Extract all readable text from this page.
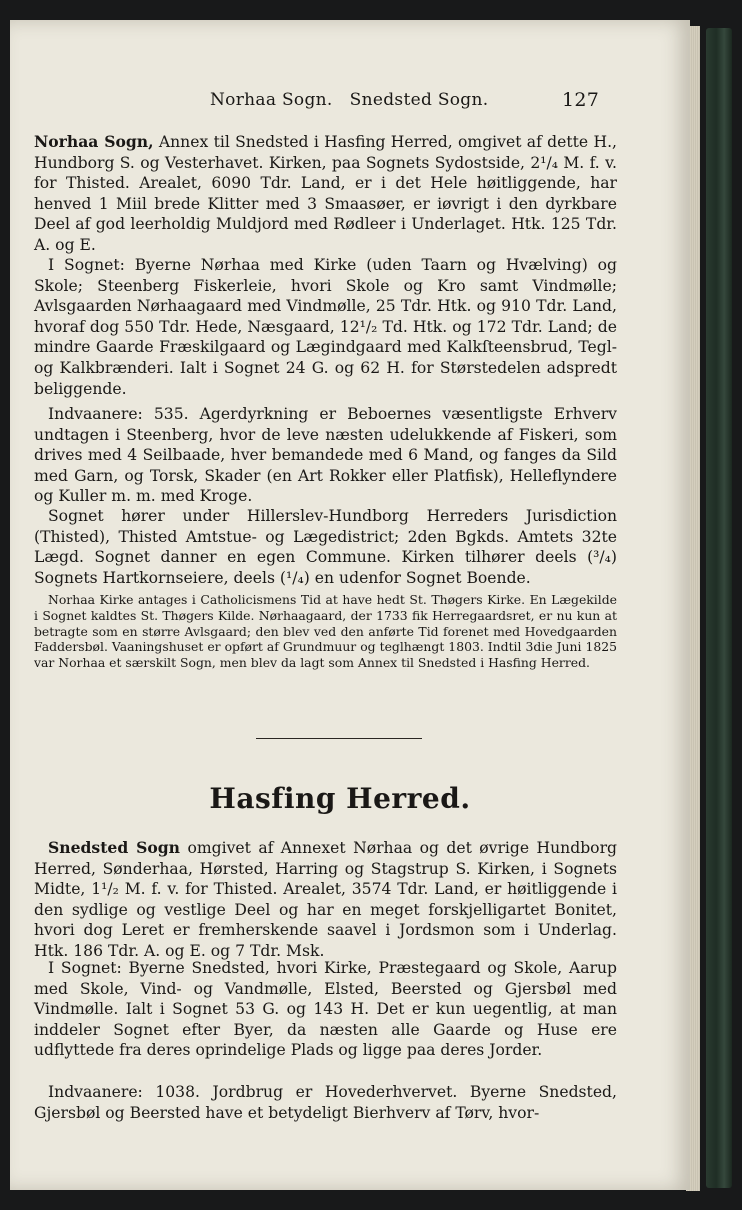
Norhaa Sogn.   Snedsted Sogn.	127
Norhaa Sogn, Annex til Snedsted i Hasfing Herred, omgivet af dette H., Hundborg S. og Vesterhavet. Kirken, paa Sognets Sydostside, 2¹/₄ M. f. v. for Thisted. Arealet, 6090 Tdr. Land, er i det Hele høitliggende, har henved 1 Miil brede Klitter med 3 Smaasøer, er iøvrigt i den dyrkbare Deel af god leerholdig Muldjord med Rødleer i Underlaget. Htk. 125 Tdr. A. og E.
I Sognet: Byerne Nørhaa med Kirke (uden Taarn og Hvælving) og Skole; Steenberg Fiskerleie, hvori Skole og Kro samt Vindmølle; Avlsgaarden Nørhaagaard med Vindmølle, 25 Tdr. Htk. og 910 Tdr. Land, hvoraf dog 550 Tdr. Hede, Næsgaard, 12¹/₂ Td. Htk. og 172 Tdr. Land; de mindre Gaarde Fræskilgaard og Lægindgaard med Kalkſteensbrud, Tegl- og Kalkbrænderi. Ialt i Sognet 24 G. og 62 H. for Størstedelen adspredt beliggende.
Indvaanere: 535. Agerdyrkning er Beboernes væsentligste Erhverv undtagen i Steenberg, hvor de leve næsten udelukkende af Fiskeri, som drives med 4 Seilbaade, hver bemandede med 6 Mand, og fanges da Sild med Garn, og Torsk, Skader (en Art Rokker eller Platfisk), Helleflyndere og Kuller m. m. med Kroge.
Sognet hører under Hillerslev-Hundborg Herreders Jurisdiction (Thisted), Thisted Amtstue- og Lægedistrict; 2den Bgkds. Amtets 32te Lægd. Sognet danner en egen Commune. Kirken tilhører deels (³/₄) Sognets Hartkornseiere, deels (¹/₄) en udenfor Sognet Boende.
Norhaa Kirke antages i Catholicismens Tid at have hedt St. Thøgers Kirke. En Lægekilde i Sognet kaldtes St. Thøgers Kilde. Nørhaagaard, der 1733 fik Herregaardsret, er nu kun at betragte som en større Avlsgaard; den blev ved den anførte Tid forenet med Hovedgaarden Faddersbøl. Vaaningshuset er opført af Grundmuur og teglhængt 1803. Indtil 3die Juni 1825 var Norhaa et særskilt Sogn, men blev da lagt som Annex til Snedsted i Hasfing Herred.
Hasfing Herred.
Snedsted Sogn omgivet af Annexet Nørhaa og det øvrige Hundborg Herred, Sønderhaa, Hørsted, Harring og Stagstrup S. Kirken, i Sognets Midte, 1¹/₂ M. f. v. for Thisted. Arealet, 3574 Tdr. Land, er høitliggende i den sydlige og vestlige Deel og har en meget forskjelligartet Bonitet, hvori dog Leret er fremherskende saavel i Jordsmon som i Underlag. Htk. 186 Tdr. A. og E. og 7 Tdr. Msk.
I Sognet: Byerne Snedsted, hvori Kirke, Præstegaard og Skole, Aarup med Skole, Vind- og Vandmølle, Elsted, Beersted og Gjersbøl med Vindmølle. Ialt i Sognet 53 G. og 143 H. Det er kun uegentlig, at man inddeler Sognet efter Byer, da næsten alle Gaarde og Huse ere udflyttede fra deres oprindelige Plads og ligge paa deres Jorder.
Indvaanere: 1038. Jordbrug er Hovederhvervet. Byerne Snedsted, Gjersbøl og Beersted have et betydeligt Bierhverv af Tørv, hvor-
